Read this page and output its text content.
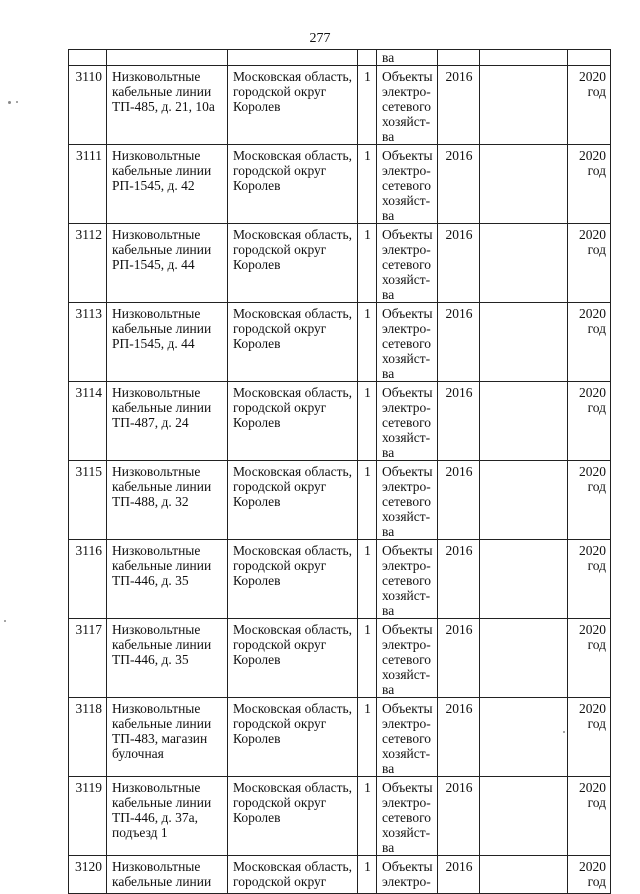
277
				ва			
3110	Низковольтные кабельные линии ТП-485, д. 21, 10а	Московская область, городской округ Королев	1	Объекты электро-сетевого хозяйст-ва	2016		2020 год
3111	Низковольтные кабельные линии РП-1545, д. 42	Московская область, городской округ Королев	1	Объекты электро-сетевого хозяйст-ва	2016		2020 год
3112	Низковольтные кабельные линии РП-1545, д. 44	Московская область, городской округ Королев	1	Объекты электро-сетевого хозяйст-ва	2016		2020 год
3113	Низковольтные кабельные линии РП-1545, д. 44	Московская область, городской округ Королев	1	Объекты электро-сетевого хозяйст-ва	2016		2020 год
3114	Низковольтные кабельные линии ТП-487, д. 24	Московская область, городской округ Королев	1	Объекты электро-сетевого хозяйст-ва	2016		2020 год
3115	Низковольтные кабельные линии ТП-488, д. 32	Московская область, городской округ Королев	1	Объекты электро-сетевого хозяйст-ва	2016		2020 год
3116	Низковольтные кабельные линии ТП-446, д. 35	Московская область, городской округ Королев	1	Объекты электро-сетевого хозяйст-ва	2016		2020 год
3117	Низковольтные кабельные линии ТП-446, д. 35	Московская область, городской округ Королев	1	Объекты электро-сетевого хозяйст-ва	2016		2020 год
3118	Низковольтные кабельные линии ТП-483, магазин булочная	Московская область, городской округ Королев	1	Объекты электро-сетевого хозяйст-ва	2016		2020 год
3119	Низковольтные кабельные линии ТП-446, д. 37а, подъезд 1	Московская область, городской округ Королев	1	Объекты электро-сетевого хозяйст-ва	2016		2020 год
3120	Низковольтные кабельные линии	Московская область, городской округ	1	Объекты электро-	2016		2020 год
